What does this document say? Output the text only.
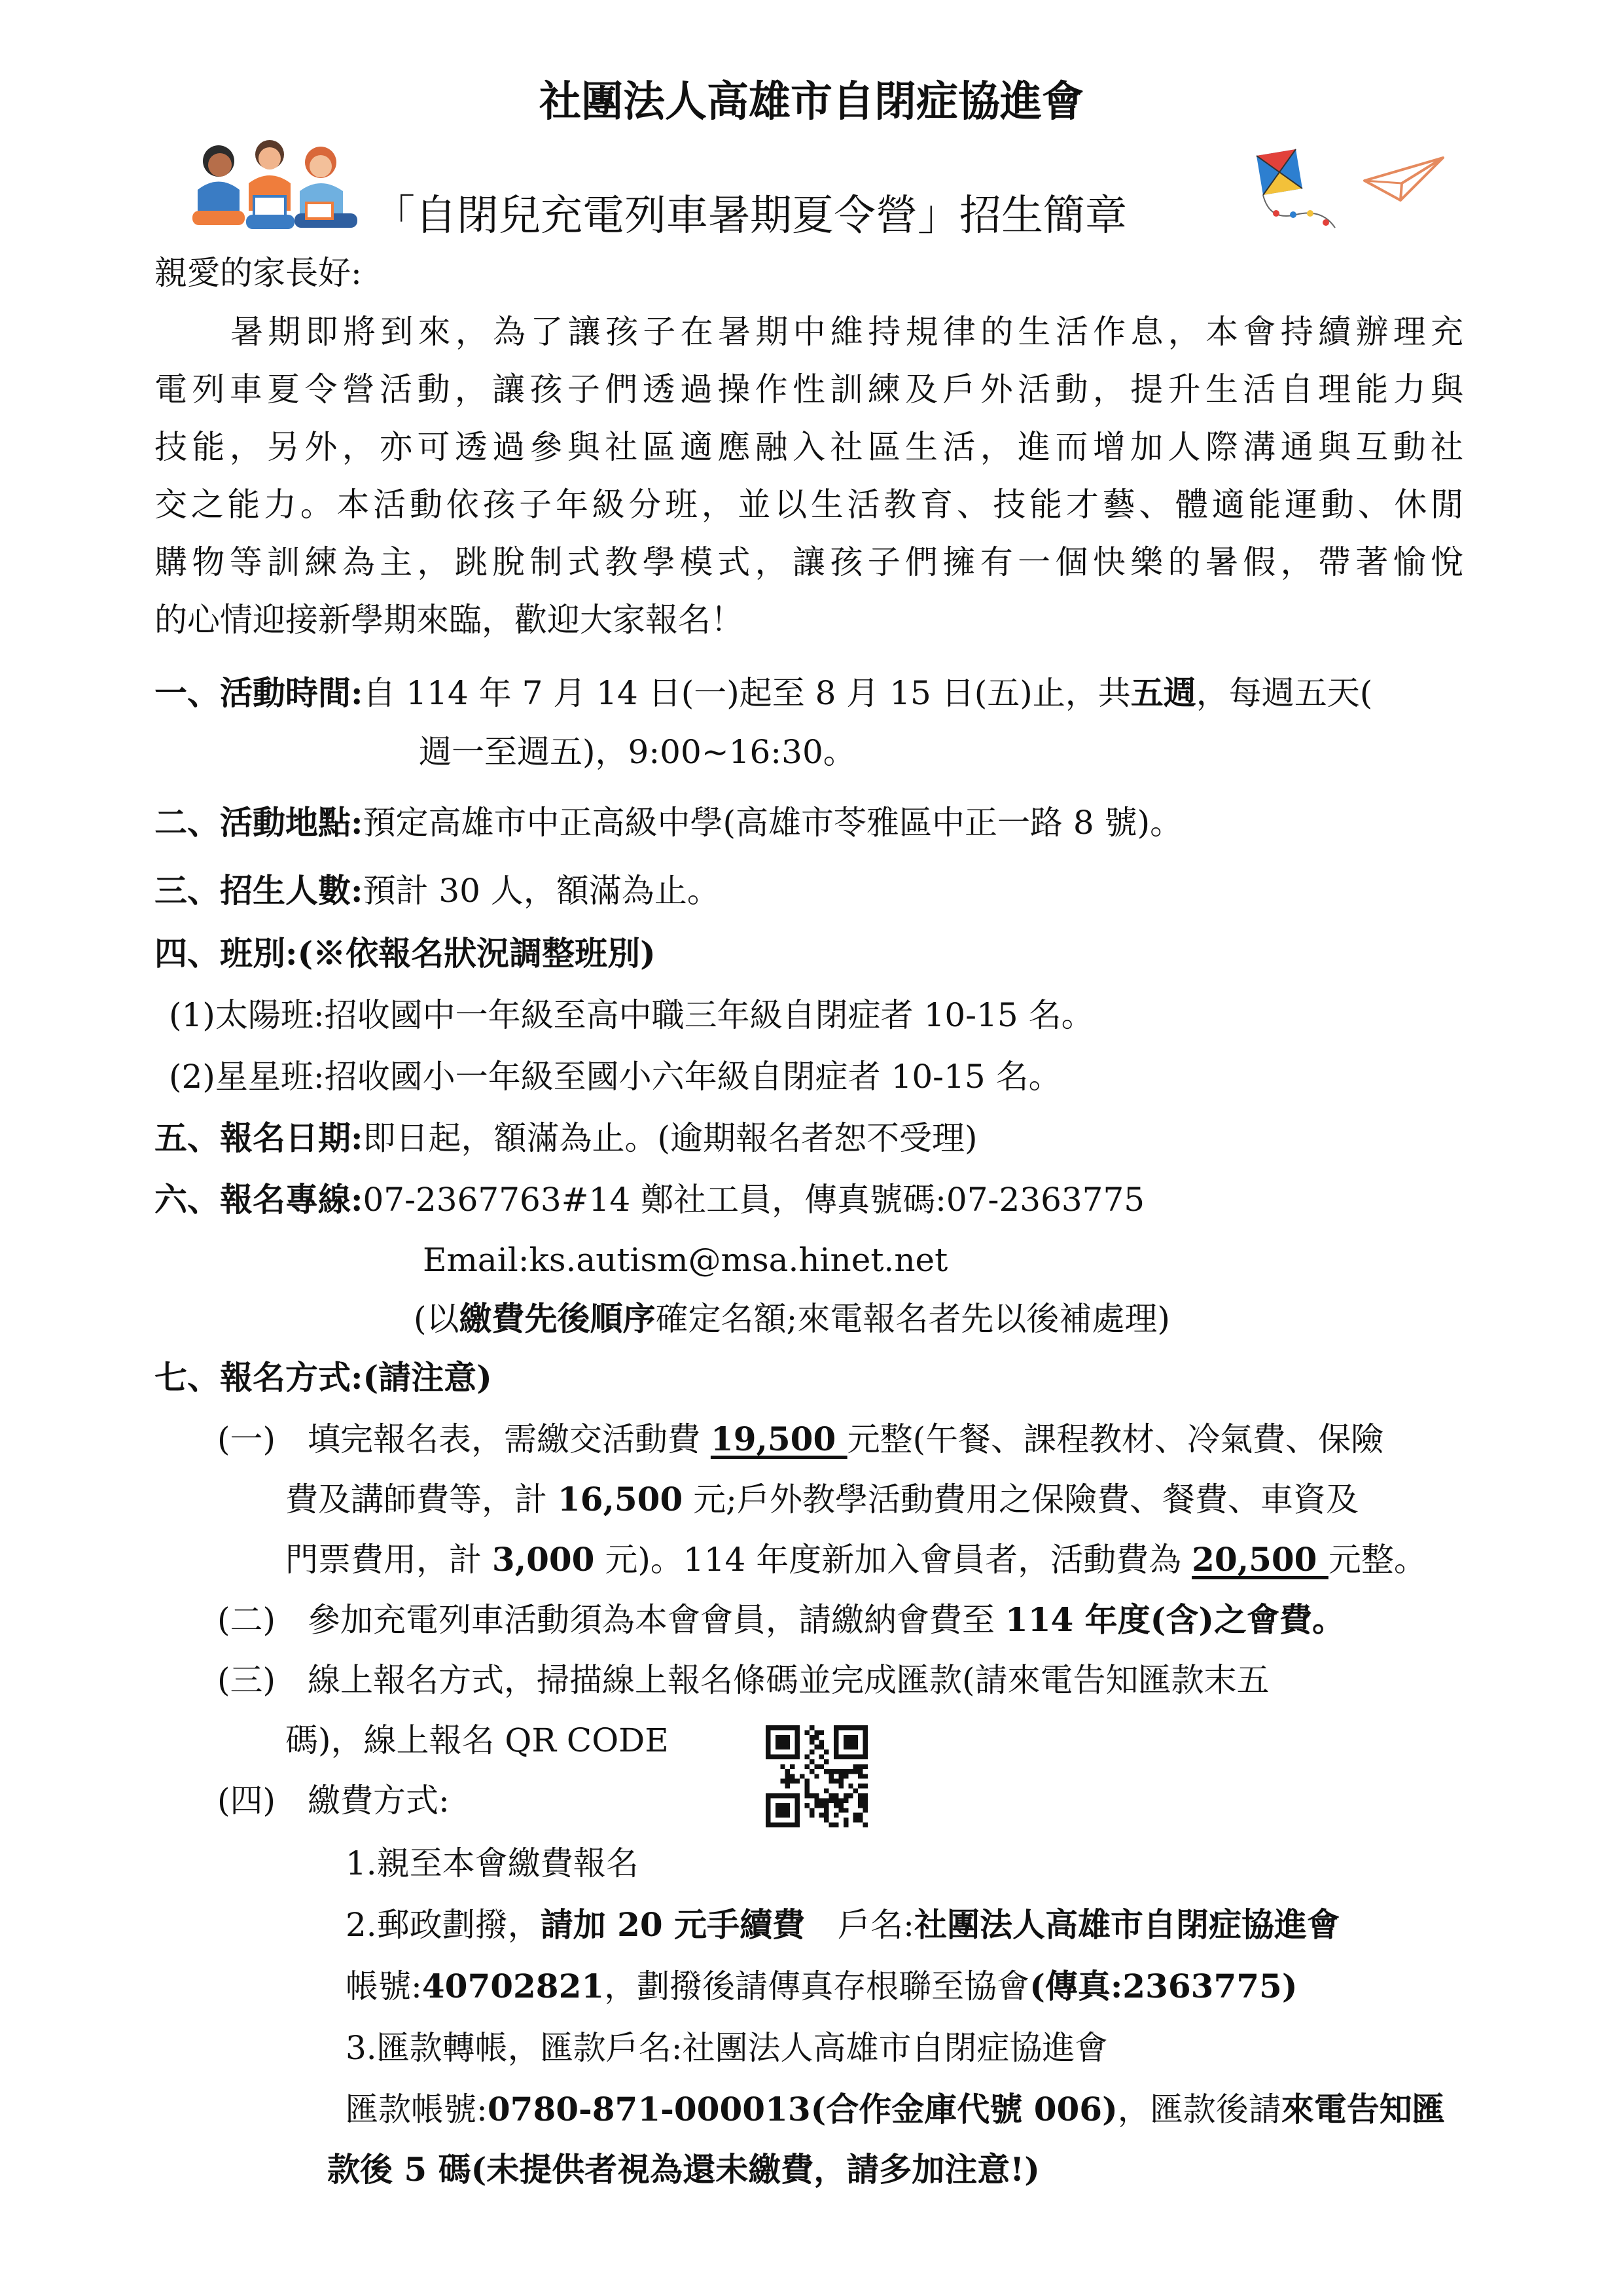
社團法人高雄市自閉症協進會
「自閉兒充電列車暑期夏令營」招生簡章
親愛的家長好:
暑期即將到來，為了讓孩子在暑期中維持規律的生活作息，本會持續辦理充
電列車夏令營活動，讓孩子們透過操作性訓練及戶外活動，提升生活自理能力與
技能，另外，亦可透過參與社區適應融入社區生活，進而增加人際溝通與互動社
交之能力。本活動依孩子年級分班，並以生活教育、技能才藝、體適能運動、休閒
購物等訓練為主，跳脫制式教學模式，讓孩子們擁有一個快樂的暑假，帶著愉悅
的心情迎接新學期來臨，歡迎大家報名！
一、活動時間:自 114 年 7 月 14 日(一)起至 8 月 15 日(五)止，共五週，每週五天(
週一至週五)，9:00~16:30。
二、活動地點:預定高雄市中正高級中學(高雄市苓雅區中正一路 8 號)。
三、招生人數:預計 30 人，額滿為止。
四、班別:(※依報名狀況調整班別)
(1)太陽班:招收國中一年級至高中職三年級自閉症者 10-15 名。
(2)星星班:招收國小一年級至國小六年級自閉症者 10-15 名。
五、報名日期:即日起，額滿為止。(逾期報名者恕不受理)
六、報名專線:07-2367763#14 鄭社工員，傳真號碼:07-2363775
Email:ks.autism@msa.hinet.net
(以繳費先後順序確定名額;來電報名者先以後補處理)
七、報名方式:(請注意)
(一) 填完報名表，需繳交活動費 19,500 元整(午餐、課程教材、冷氣費、保險
費及講師費等，計 16,500 元;戶外教學活動費用之保險費、餐費、車資及
門票費用，計 3,000 元)。114 年度新加入會員者，活動費為 20,500 元整。
(二) 參加充電列車活動須為本會會員，請繳納會費至 114 年度(含)之會費。
(三) 線上報名方式，掃描線上報名條碼並完成匯款(請來電告知匯款末五
碼)，線上報名 QR CODE
(四) 繳費方式:
1.親至本會繳費報名
2.郵政劃撥，請加 20 元手續費　戶名:社團法人高雄市自閉症協進會
帳號:40702821，劃撥後請傳真存根聯至協會(傳真:2363775)
3.匯款轉帳，匯款戶名:社團法人高雄市自閉症協進會
匯款帳號:0780-871-000013(合作金庫代號 006)，匯款後請來電告知匯
款後 5 碼(未提供者視為還未繳費，請多加注意!)
